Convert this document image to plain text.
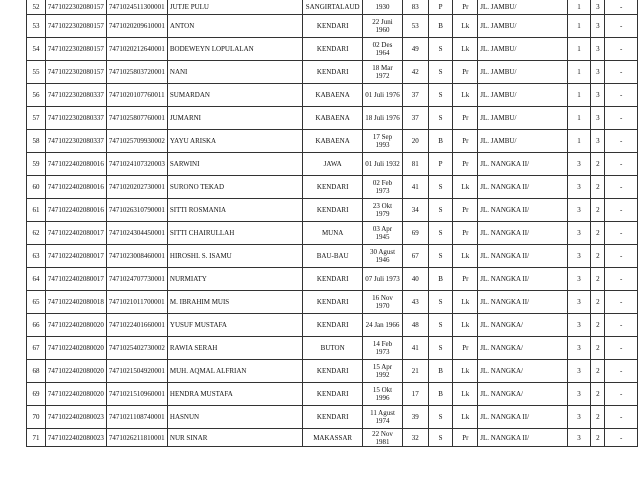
52	7471022302080157	7471024511300001	JUTJE PULU	SANGIRTALAUD	1930	83	P	Pr	JL. JAMBU/	1	3	-
53	7471022302080157	7471020209610001	ANTON	KENDARI	22 Juni 1960	53	B	Lk	JL. JAMBU/	1	3	-
54	7471022302080157	7471020212640001	BODEWEYN LOPULALAN	KENDARI	02 Des 1964	49	S	Lk	JL. JAMBU/	1	3	-
55	7471022302080157	7471025803720001	NANI	KENDARI	18 Mar 1972	42	S	Pr	JL. JAMBU/	1	3	-
56	7471022302080337	7471020107760011	SUMARDAN	KABAENA	01 Juli 1976	37	S	Lk	JL. JAMBU/	1	3	-
57	7471022302080337	7471025807760001	JUMARNI	KABAENA	18 Juli 1976	37	S	Pr	JL. JAMBU/	1	3	-
58	7471022302080337	7471025709930002	YAYU ARISKA	KABAENA	17 Sep 1993	20	B	Pr	JL. JAMBU/	1	3	-
59	7471022402080016	7471024107320003	SARWINI	JAWA	01 Juli 1932	81	P	Pr	JL. NANGKA II/	3	2	-
60	7471022402080016	7471020202730001	SURONO TEKAD	KENDARI	02 Feb 1973	41	S	Lk	JL. NANGKA II/	3	2	-
61	7471022402080016	7471026310790001	SITTI ROSMANIA	KENDARI	23 Okt 1979	34	S	Pr	JL. NANGKA II/	3	2	-
62	7471022402080017	7471024304450001	SITTI CHAIRULLAH	MUNA	03 Apr 1945	69	S	Pr	JL. NANGKA II/	3	2	-
63	7471022402080017	7471023008460001	HIROSHI. S. ISAMU	BAU-BAU	30 Agust 1946	67	S	Lk	JL. NANGKA II/	3	2	-
64	7471022402080017	7471024707730001	NURMIATY	KENDARI	07 Juli 1973	40	B	Pr	JL. NANGKA II/	3	2	-
65	7471022402080018	7471021011700001	M. IBRAHIM MUIS	KENDARI	16 Nov 1970	43	S	Lk	JL. NANGKA II/	3	2	-
66	7471022402080020	7471022401660001	YUSUF MUSTAFA	KENDARI	24 Jan 1966	48	S	Lk	JL. NANGKA/	3	2	-
67	7471022402080020	7471025402730002	RAWIA SERAH	BUTON	14 Feb 1973	41	S	Pr	JL. NANGKA/	3	2	-
68	7471022402080020	7471021504920001	MUH. AQMAL ALFRIAN	KENDARI	15 Apr 1992	21	B	Lk	JL. NANGKA/	3	2	-
69	7471022402080020	7471021510960001	HENDRA MUSTAFA	KENDARI	15 Okt 1996	17	B	Lk	JL. NANGKA/	3	2	-
70	7471022402080023	7471021108740001	HASNUN	KENDARI	11 Agust 1974	39	S	Lk	JL. NANGKA II/	3	2	-
71	7471022402080023	7471026211810001	NUR SINAR	MAKASSAR	22 Nov 1981	32	S	Pr	JL. NANGKA II/	3	2	-
